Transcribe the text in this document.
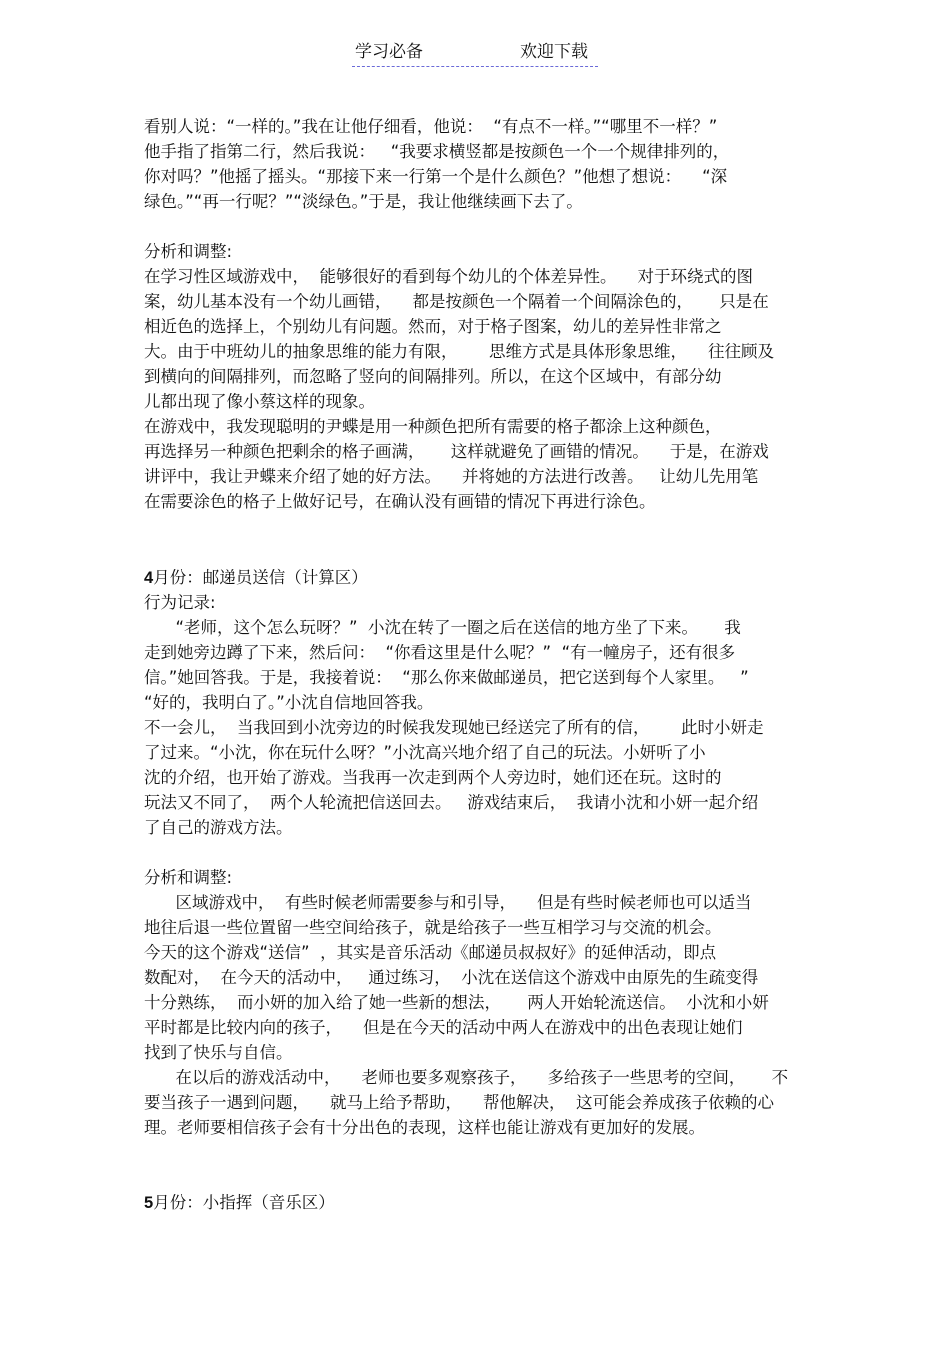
学习必备	欢迎下载
看别人说：“一样的。”我在让他仔细看，他说：  “有点不一样。”“哪里不一样？”
他手指了指第二行，然后我说：   “我要求横竖都是按颜色一个一个规律排列的，
你对吗？”他摇了摇头。“那接下来一行第一个是什么颜色？”他想了想说：    “深
绿色。”“再一行呢？”“淡绿色。”于是，我让他继续画下去了。
分析和调整:
在学习性区域游戏中，  能够很好的看到每个幼儿的个体差异性。    对于环绕式的图
案，幼儿基本没有一个幼儿画错，    都是按颜色一个隔着一个间隔涂色的，     只是在
相近色的选择上，个别幼儿有问题。然而，对于格子图案，幼儿的差异性非常之
大。由于中班幼儿的抽象思维的能力有限，      思维方式是具体形象思维，    往往顾及
到横向的间隔排列，而忽略了竖向的间隔排列。所以，在这个区域中，有部分幼
儿都出现了像小蔡这样的现象。
在游戏中，我发现聪明的尹蝶是用一种颜色把所有需要的格子都涂上这种颜色，
再选择另一种颜色把剩余的格子画满，     这样就避免了画错的情况。    于是，在游戏
讲评中，我让尹蝶来介绍了她的好方法。    并将她的方法进行改善。   让幼儿先用笔
在需要涂色的格子上做好记号，在确认没有画错的情况下再进行涂色。
4月份：邮递员送信（计算区）
行为记录:
“老师，这个怎么玩呀？”  小沈在转了一圈之后在送信的地方坐了下来。     我
走到她旁边蹲了下来，然后问：  “你看这里是什么呢？”  “有一幢房子，还有很多
信。”她回答我。于是，我接着说：  “那么你来做邮递员，把它送到每个人家里。   ”
“好的，我明白了。”小沈自信地回答我。
不一会儿，  当我回到小沈旁边的时候我发现她已经送完了所有的信，      此时小妍走
了过来。“小沈，你在玩什么呀？”小沈高兴地介绍了自己的玩法。小妍听了小
沈的介绍，也开始了游戏。当我再一次走到两个人旁边时，她们还在玩。这时的
玩法又不同了，  两个人轮流把信送回去。   游戏结束后，  我请小沈和小妍一起介绍
了自己的游戏方法。
分析和调整:
区域游戏中，  有些时候老师需要参与和引导，    但是有些时候老师也可以适当
地往后退一些位置留一些空间给孩子，就是给孩子一些互相学习与交流的机会。
今天的这个游戏“送信”  ，其实是音乐活动《邮递员叔叔好》的延伸活动，即点
数配对，  在今天的活动中，   通过练习，  小沈在送信这个游戏中由原先的生疏变得
十分熟练，  而小妍的加入给了她一些新的想法，     两人开始轮流送信。  小沈和小妍
平时都是比较内向的孩子，    但是在今天的活动中两人在游戏中的出色表现让她们
找到了快乐与自信。
在以后的游戏活动中，    老师也要多观察孩子，    多给孩子一些思考的空间，     不
要当孩子一遇到问题，    就马上给予帮助，    帮他解决，  这可能会养成孩子依赖的心
理。老师要相信孩子会有十分出色的表现，这样也能让游戏有更加好的发展。
5月份：小指挥（音乐区）
